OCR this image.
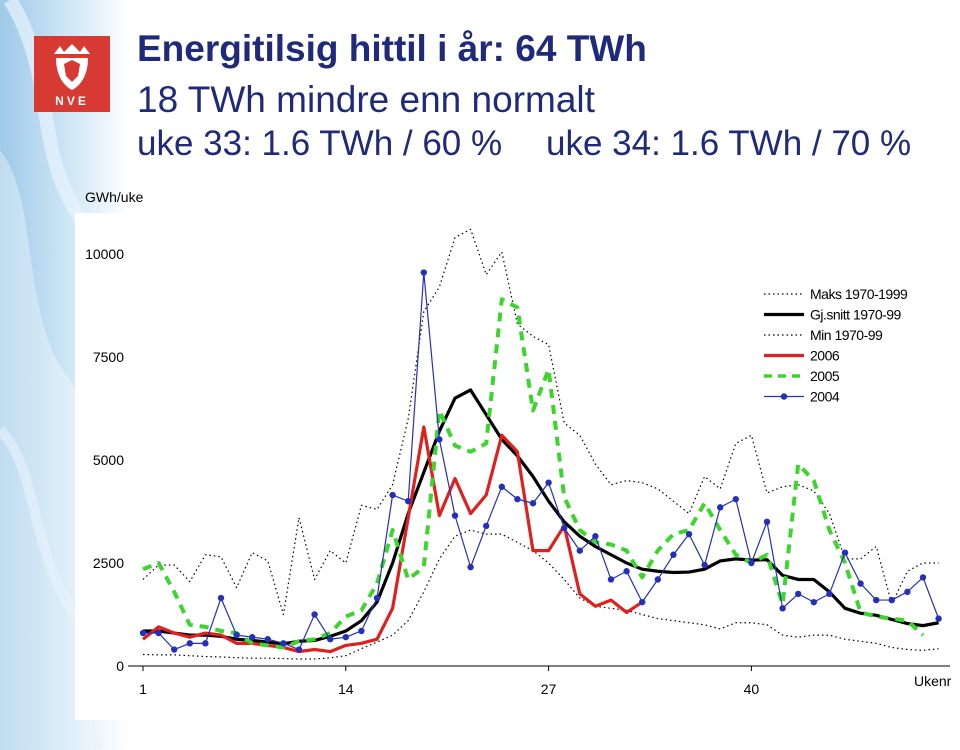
NVE
Energitilsig hittil i år: 64 TWh
18 TWh mindre enn normalt
uke 33: 1.6 TWh / 60 % uke 34: 1.6 TWh / 70 %
GWh/uke
Ukenr
0
2500
5000
7500
10000
1	14	27	40
Maks 1970-1999
Gj.snitt 1970-99
Min 1970-99
2006
2005
2004
